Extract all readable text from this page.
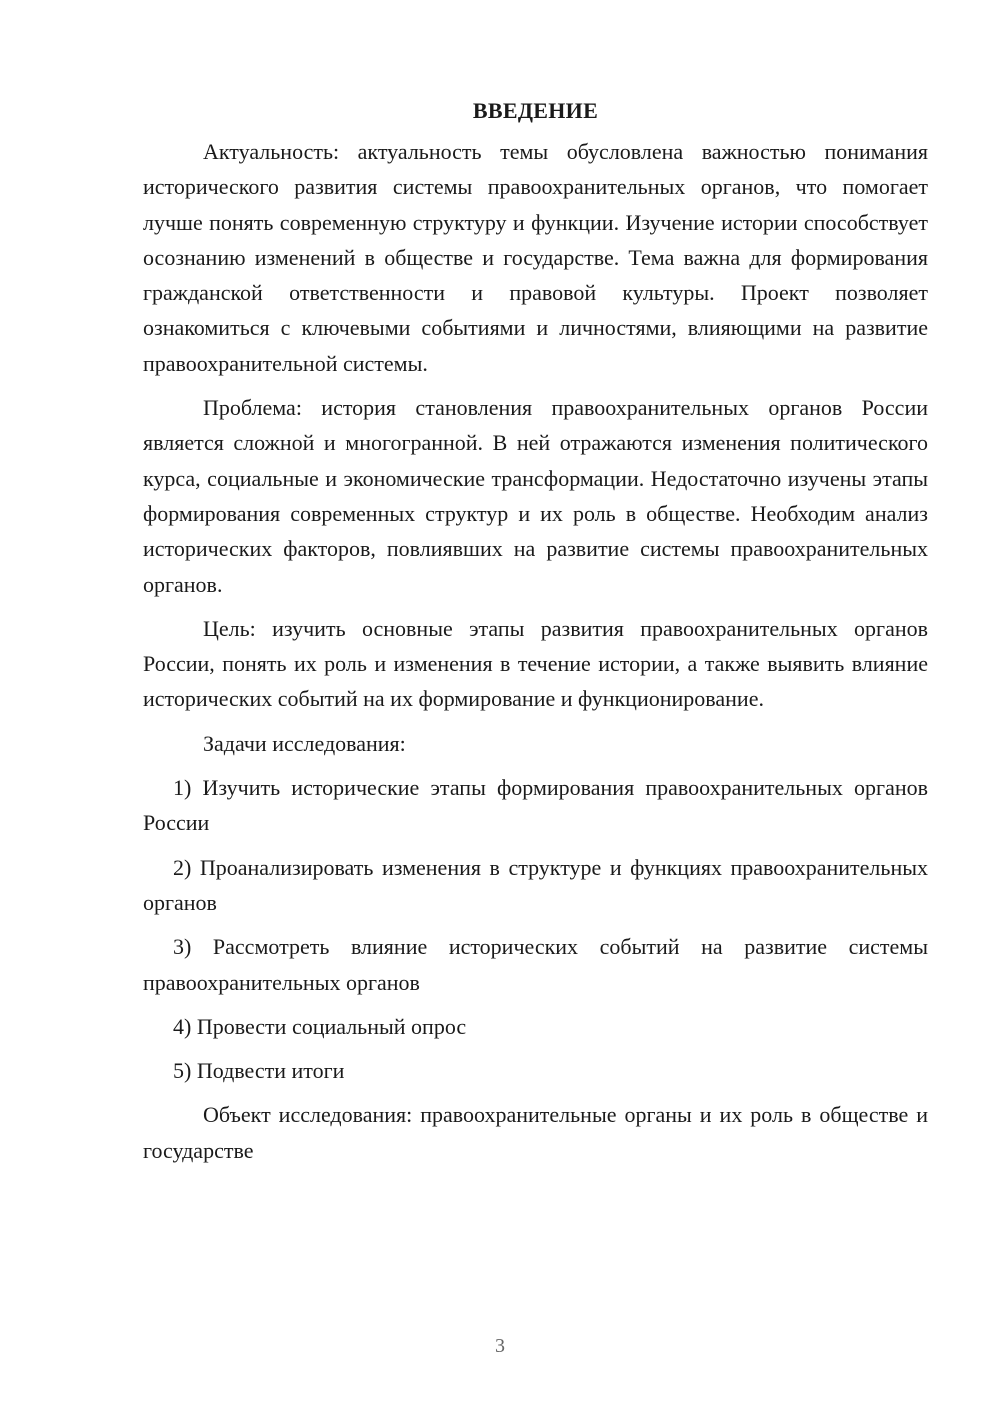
ВВЕДЕНИЕ

Актуальность: актуальность темы обусловлена важностью понимания исторического развития системы правоохранительных органов, что помогает лучше понять современную структуру и функции. Изучение истории способствует осознанию изменений в обществе и государстве. Тема важна для формирования гражданской ответственности и правовой культуры. Проект позволяет ознакомиться с ключевыми событиями и личностями, влияющими на развитие правоохранительной системы.

Проблема: история становления правоохранительных органов России является сложной и многогранной. В ней отражаются изменения политического курса, социальные и экономические трансформации. Недостаточно изучены этапы формирования современных структур и их роль в обществе. Необходим анализ исторических факторов, повлиявших на развитие системы правоохранительных органов.

Цель: изучить основные этапы развития правоохранительных органов России, понять их роль и изменения в течение истории, а также выявить влияние исторических событий на их формирование и функционирование.

Задачи исследования:

1) Изучить исторические этапы формирования правоохранительных органов России

2) Проанализировать изменения в структуре и функциях правоохранительных органов

3) Рассмотреть влияние исторических событий на развитие системы правоохранительных органов

4) Провести социальный опрос

5) Подвести итоги

Объект исследования: правоохранительные органы и их роль в обществе и государстве

3
